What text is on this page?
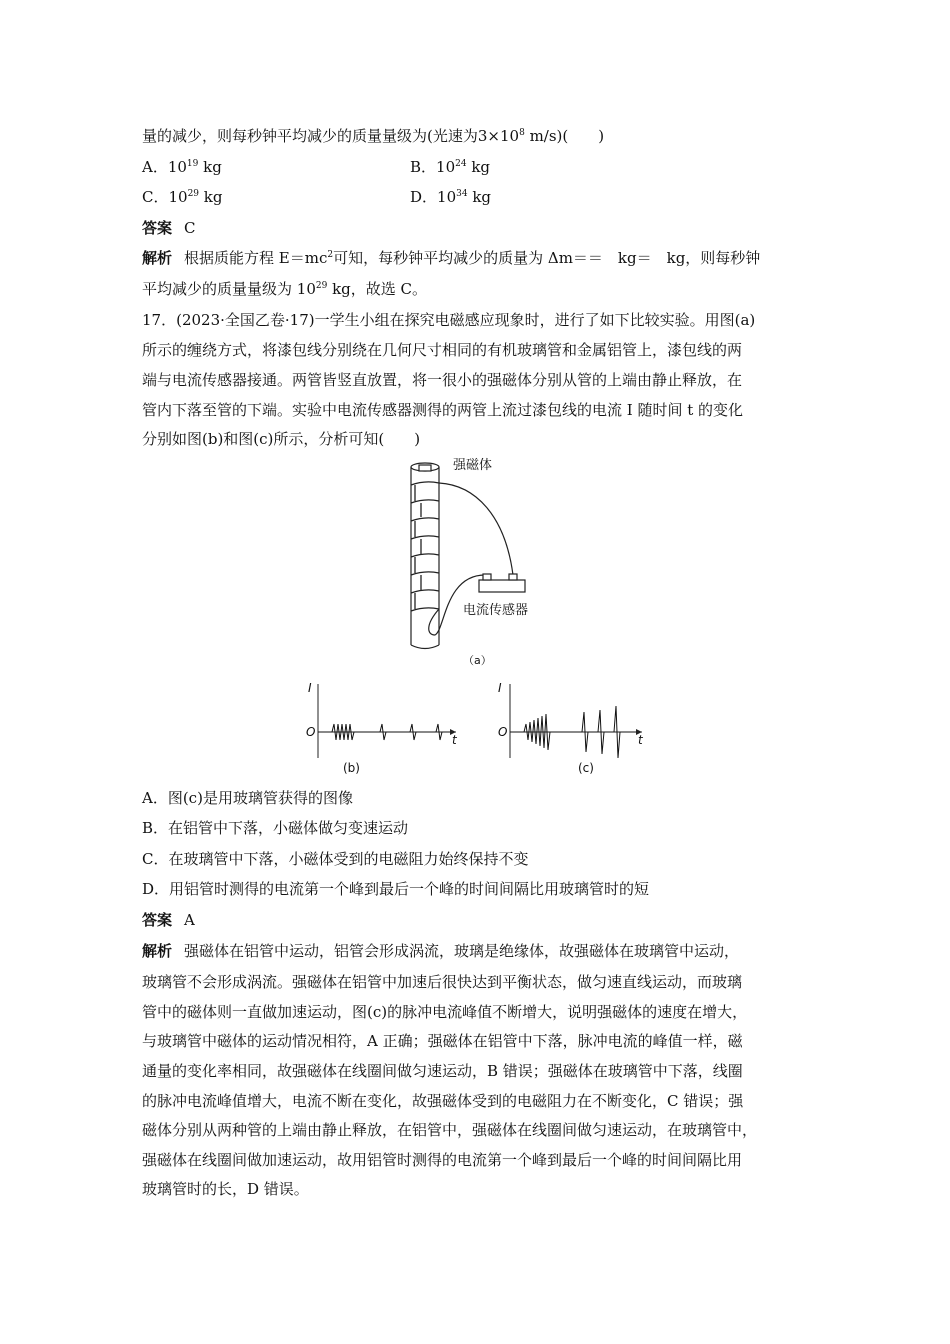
量的减少，则每秒钟平均减少的质量量级为(光速为$3\times 10^8$ m/s)(　　)
A．$10^{19}$ kg	B．$10^{24}$ kg
C．$10^{29}$ kg	D．$10^{34}$ kg
答案 C
解析 根据质能方程 $E=mc^2$可知，每秒钟平均减少的质量为 Δm＝＝　kg＝　kg，则每秒钟
平均减少的质量量级为 $10^{29}$ kg，故选 C。
17．(2023·全国乙卷·17)一学生小组在探究电磁感应现象时，进行了如下比较实验。用图(a)
所示的缠绕方式，将漆包线分别绕在几何尺寸相同的有机玻璃管和金属铝管上，漆包线的两
端与电流传感器接通。两管皆竖直放置，将一很小的强磁体分别从管的上端由静止释放，在
管内下落至管的下端。实验中电流传感器测得的两管上流过漆包线的电流 I 随时间 t 的变化
分别如图(b)和图(c)所示，分析可知(　　)
强磁体
电流传感器
（a）
I
O
t
(b)
I
O
t
(c)
A．图(c)是用玻璃管获得的图像
B．在铝管中下落，小磁体做匀变速运动
C．在玻璃管中下落，小磁体受到的电磁阻力始终保持不变
D．用铝管时测得的电流第一个峰到最后一个峰的时间间隔比用玻璃管时的短
答案 A
解析 强磁体在铝管中运动，铝管会形成涡流，玻璃是绝缘体，故强磁体在玻璃管中运动，
玻璃管不会形成涡流。强磁体在铝管中加速后很快达到平衡状态，做匀速直线运动，而玻璃
管中的磁体则一直做加速运动，图(c)的脉冲电流峰值不断增大，说明强磁体的速度在增大，
与玻璃管中磁体的运动情况相符，A 正确；强磁体在铝管中下落，脉冲电流的峰值一样，磁
通量的变化率相同，故强磁体在线圈间做匀速运动，B 错误；强磁体在玻璃管中下落，线圈
的脉冲电流峰值增大，电流不断在变化，故强磁体受到的电磁阻力在不断变化，C 错误；强
磁体分别从两种管的上端由静止释放，在铝管中，强磁体在线圈间做匀速运动，在玻璃管中，
强磁体在线圈间做加速运动，故用铝管时测得的电流第一个峰到最后一个峰的时间间隔比用
玻璃管时的长，D 错误。
